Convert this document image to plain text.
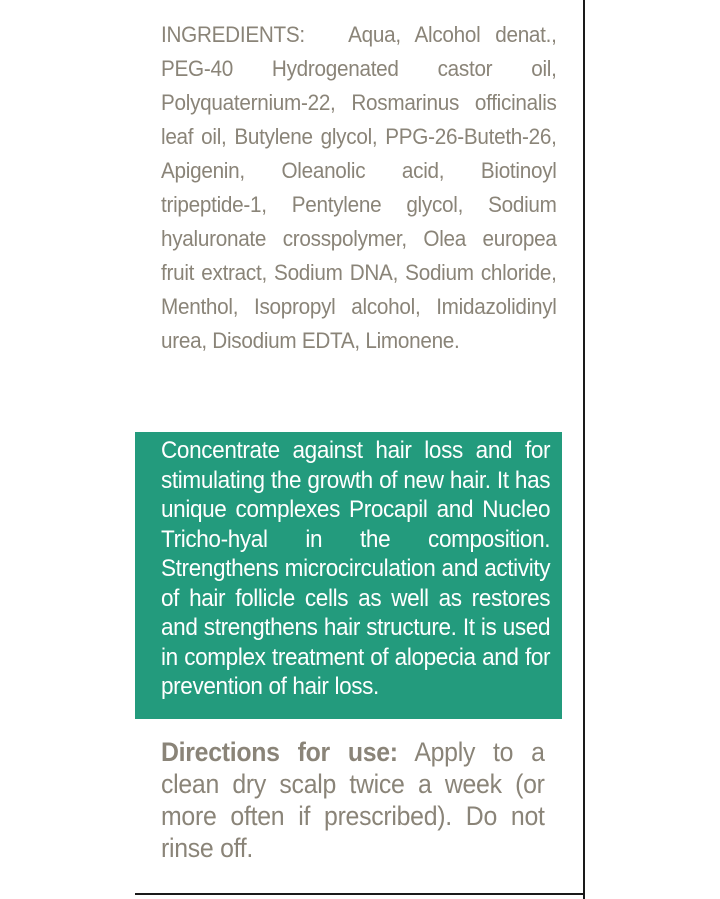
INGREDIENTS: Aqua, Alcohol denat., PEG-40 Hydrogenated castor oil, Polyquaternium-22, Rosmarinus officinalis leaf oil, Butylene glycol, PPG-26-Buteth-26, Apigenin, Oleanolic acid, Biotinoyl tripeptide-1, Pentylene glycol, Sodium hyaluronate crosspolymer, Olea europea fruit extract, Sodium DNA, Sodium chloride, Menthol, Isopropyl alcohol, Imidazolidinyl urea, Disodium EDTA, Limonene.
Concentrate against hair loss and for stimulating the growth of new hair. It has unique complexes Procapil and Nucleo Tricho-hyal in the composition. Strengthens microcirculation and activity of hair follicle cells as well as restores and strengthens hair structure. It is used in complex treatment of alopecia and for prevention of hair loss.
Directions for use: Apply to a clean dry scalp twice a week (or more often if prescribed). Do not rinse off.
